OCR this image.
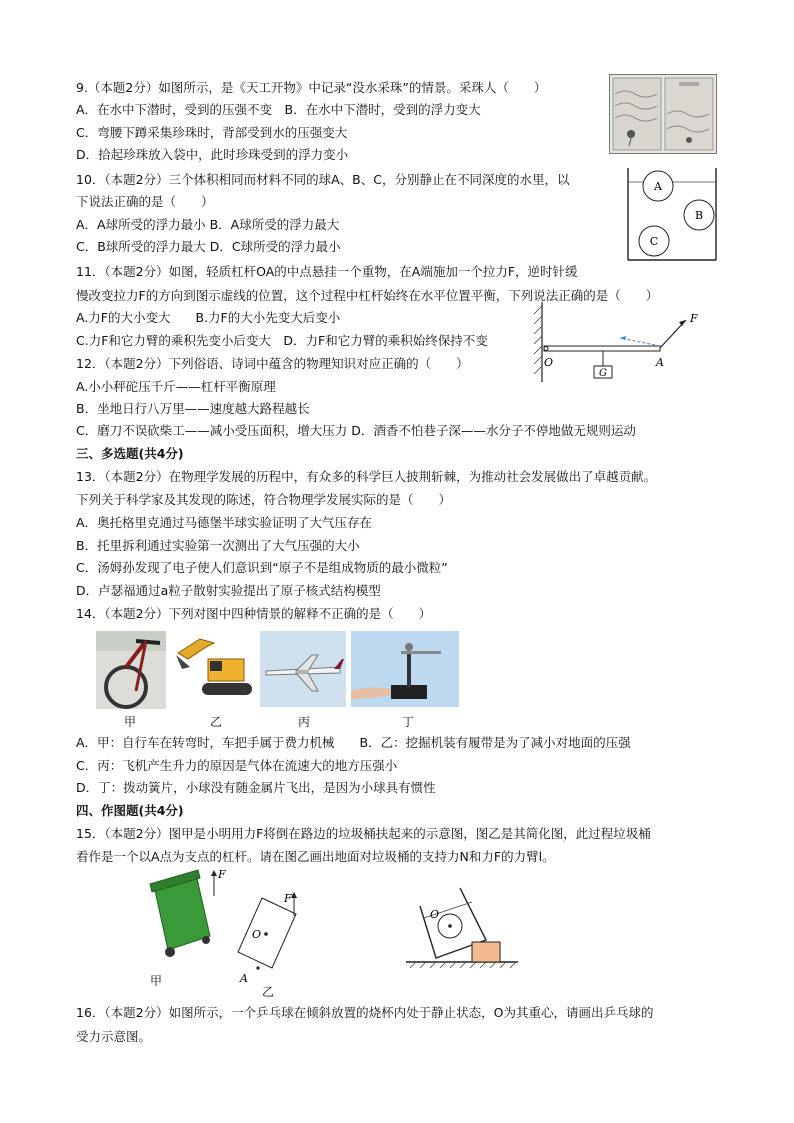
9.（本题2分）如图所示，是《天工开物》中记录“没水采珠”的情景。采珠人（　　）
A．在水中下潜时，受到的压强不变　B．在水中下潜时，受到的浮力变大
C．弯腰下蹲采集珍珠时，背部受到水的压强变大
D．拾起珍珠放入袋中，此时珍珠受到的浮力变小
10．（本题2分）三个体积相同而材料不同的球A、B、C，分别静止在不同深度的水里，以
下说法正确的是（　　）
A．A球所受的浮力最小 B．A球所受的浮力最大
C．B球所受的浮力最大 D．C球所受的浮力最小
A
B
C
11．（本题2分）如图，轻质杠杆OA的中点悬挂一个重物，在A端施加一个拉力F，逆时针缓
慢改变拉力F的方向到图示虚线的位置，这个过程中杠杆始终在水平位置平衡，下列说法正确的是（　　）
A.力F的大小变大　　B.力F的大小先变大后变小
C.力F和它力臂的乘积先变小后变大　D．力F和它力臂的乘积始终保持不变
O	A
G
F
12．（本题2分）下列俗语、诗词中蕴含的物理知识对应正确的（　　）
A.小小秤砣压千斤——杠杆平衡原理
B．坐地日行八万里——速度越大路程越长
C．磨刀不误砍柴工——减小受压面积，增大压力 D．酒香不怕巷子深——水分子不停地做无规则运动
三、多选题(共4分)
13．（本题2分）在物理学发展的历程中，有众多的科学巨人披荆斩棘，为推动社会发展做出了卓越贡献。
下列关于科学家及其发现的陈述，符合物理学发展实际的是（　　）
A．奥托格里克通过马德堡半球实验证明了大气压存在
B．托里拆利通过实验第一次测出了大气压强的大小
C．汤姆孙发现了电子使人们意识到“原子不是组成物质的最小微粒”
D．卢瑟福通过a粒子散射实验提出了原子核式结构模型
14．（本题2分）下列对图中四种情景的解释不正确的是（　　）
甲	乙	丙	丁
A．甲：自行车在转弯时，车把手属于费力机械　　B．乙：挖掘机装有履带是为了减小对地面的压强
C．丙：飞机产生升力的原因是气体在流速大的地方压强小
D．丁：拨动簧片，小球没有随金属片飞出，是因为小球具有惯性
四、作图题(共4分)
15．（本题2分）图甲是小明用力F将倒在路边的垃圾桶扶起来的示意图，图乙是其简化图，此过程垃圾桶
看作是一个以A点为支点的杠杆。请在图乙画出地面对垃圾桶的支持力N和力F的力臂l。
F
甲
F
O
A
乙
O
16．（本题2分）如图所示，一个乒乓球在倾斜放置的烧杯内处于静止状态，O为其重心，请画出乒乓球的
受力示意图。
